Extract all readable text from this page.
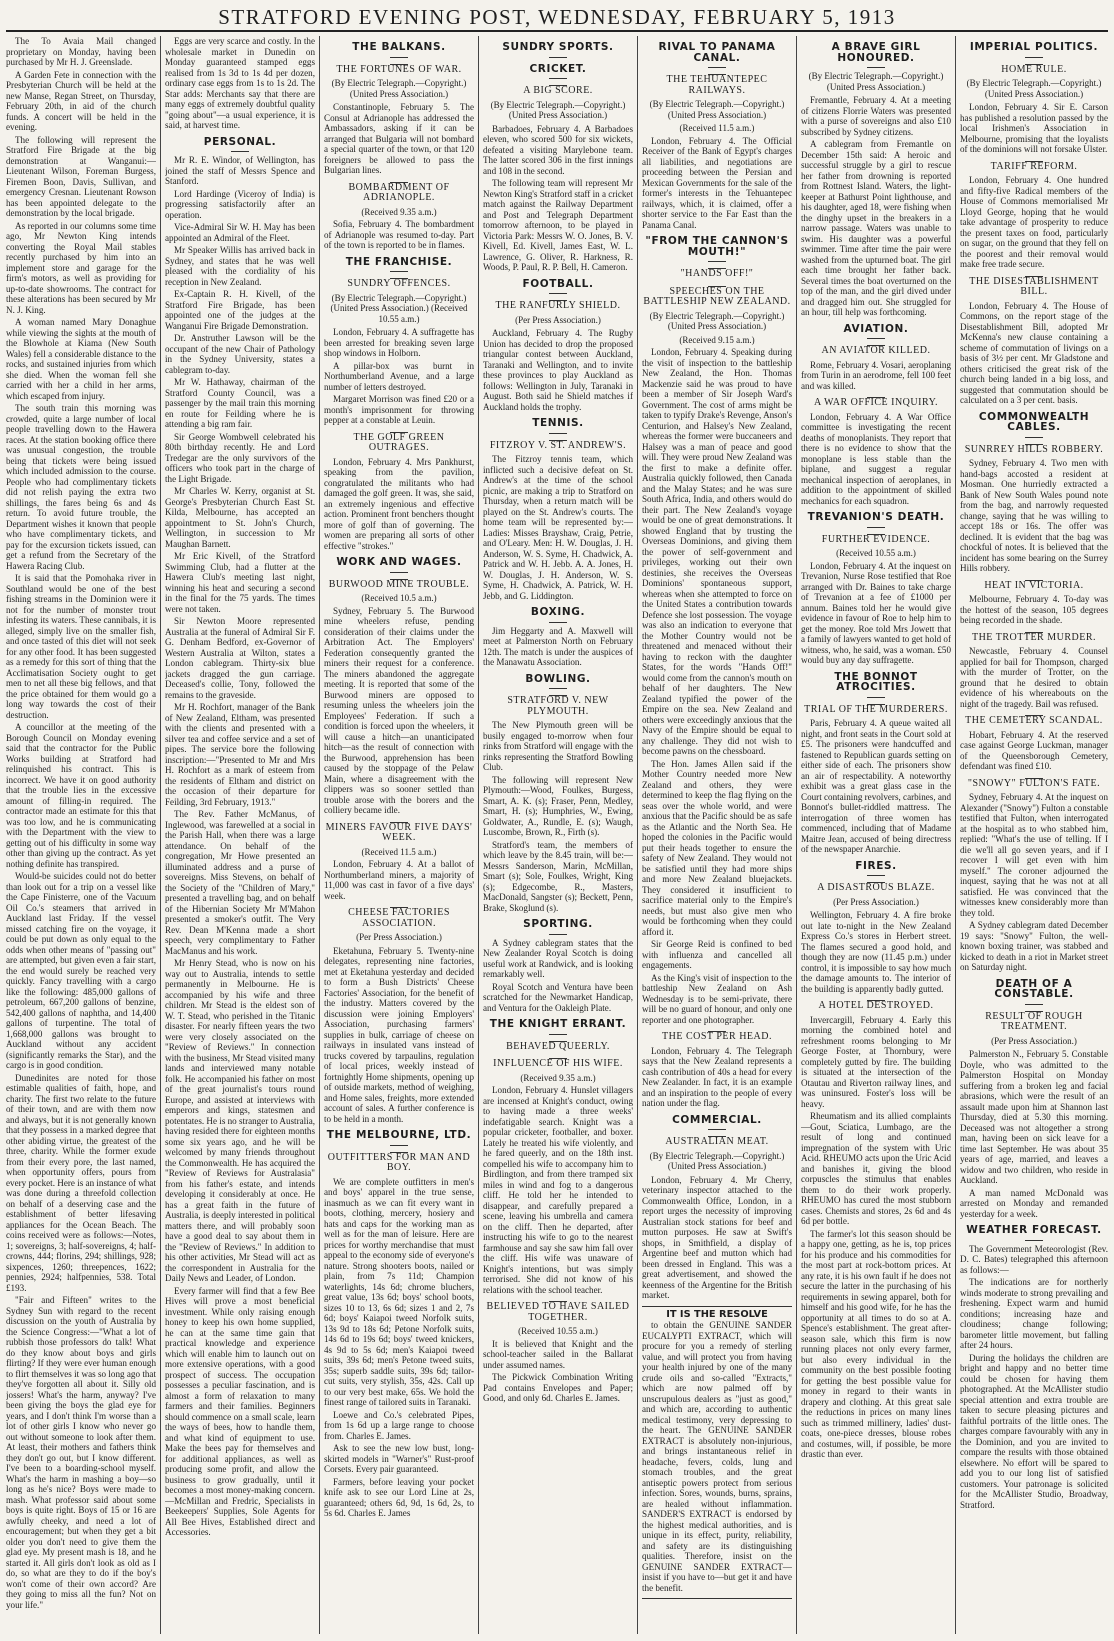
STRATFORD EVENING POST, WEDNESDAY, FEBRUARY 5, 1913

The To Avaia Mail changed proprietary on Monday, having been purchased by Mr H. J. Greenslade.

A Garden Fete in connection with the Presbyterian Church will be held at the new Manse, Regan Street, on Thursday, February 20th, in aid of the church funds. A concert will be held in the evening.

The following will represent the Stratford Fire Brigade at the big demonstration at Wanganui:—Lieutenant Wilson, Foreman Burgess, Firemen Boon, Davis, Sullivan, and emergency Cresnan. Lieutenant Rowson has been appointed delegate to the demonstration by the local brigade.

As reported in our columns some time ago, Mr Newton King intends converting the Royal Mail stables recently purchased by him into an implement store and garage for the firm's motors, as well as providing for up-to-date showrooms. The contract for these alterations has been secured by Mr N. J. King.

A woman named Mary Donaghue while viewing the sights at the mouth of the Blowhole at Kiama (New South Wales) fell a considerable distance to the rocks, and sustained injuries from which she died. When the woman fell she carried with her a child in her arms, which escaped from injury.

The south train this morning was crowded, quite a large number of local people travelling down to the Hawera races. At the station booking office there was unusual congestion, the trouble being that tickets were being issued which included admission to the course. People who had complimentary tickets did not relish paying the extra two shillings, the fares being 6s and 4s return. To avoid future trouble, the Department wishes it known that people who have complimentary tickets, and pay for the excursion tickets issued, can get a refund from the Secretary of the Hawera Racing Club.

It is said that the Pomohaka river in Southland would be one of the best fishing streams in the Dominion were it not for the number of monster trout infesting its waters. These cannibals, it is alleged, simply live on the smaller fish, and once tasted of this diet will not seek for any other food. It has been suggested as a remedy for this sort of thing that the Acclimatisation Society ought to get men to net all these big fellows, and that the price obtained for them would go a long way towards the cost of their destruction.

A councillor at the meeting of the Borough Council on Monday evening said that the contractor for the Public Works building at Stratford had relinquished his contract. This is incorrect. We have it on good authority that the trouble lies in the excessive amount of filling-in required. The contractor made an estimate for this that was too low, and he is communicating with the Department with the view to getting out of his difficulty in some way other than giving up the contract. As yet nothing definite has transpired.

Would-be suicides could not do better than look out for a trip on a vessel like the Cape Finisterre, one of the Vacuum Oil Co.'s steamers that arrived in Auckland last Friday. If the vessel missed catching fire on the voyage, it could be put down as only equal to the odds when other means of "passing out" are attempted, but given even a fair start, the end would surely be reached very quickly. Fancy travelling with a cargo like the following: 485,000 gallons of petroleum, 667,200 gallons of benzine, 542,400 gallons of naphtha, and 14,400 gallons of turpentine. The total of 1,668,000 gallons was brought to Auckland without any accident (significantly remarks the Star), and the cargo is in good condition.

Dunedinites are noted for those estimable qualities of faith, hope, and charity. The first two relate to the future of their town, and are with them now and always, but it is not generally known that they possess in a marked degree that other abiding virtue, the greatest of the three, charity. While the former exude from their every pore, the last named, when opportunity offers, pours from every pocket. Here is an instance of what was done during a threefold collection on behalf of a deserving case and the establishment of better lifesaving appliances for the Ocean Beach. The coins received were as follows:—Notes, 1; sovereigns, 3; half-sovereigns, 4; half-crowns, 444; florins, 294; shillings, 928; sixpences, 1260; threepences, 1622; pennies, 2924; halfpennies, 538. Total £193.

"Fair and Fifteen" writes to the Sydney Sun with regard to the recent discussion on the youth of Australia by the Science Congress:—"What a lot of rubbish those professors do talk! What do they know about boys and girls flirting? If they were ever human enough to flirt themselves it was so long ago that they've forgotten all about it. Silly old jossers! What's the harm, anyway? I've been giving the boys the glad eye for years, and I don't think I'm worse than a lot of other girls I know who never go out without someone to look after them. At least, their mothers and fathers think they don't go out, but I know different. I've been to a boarding-school myself. What's the harm in mashing a boy—so long as he's nice? Boys were made to mash. What professor said about some boys is quite right. Boys of 15 or 16 are awfully cheeky, and need a lot of encouragement; but when they get a bit older you don't need to give them the glad eye. My present mash is 18, and he started it. All girls don't look as old as I do, so what are they to do if the boy's won't come of their own accord? Are they going to miss all the fun? Not on your life."

Eggs are very scarce and costly. In the wholesale market in Dunedin on Monday guaranteed stamped eggs realised from 1s 3d to 1s 4d per dozen, ordinary case eggs from 1s to 1s 2d. The Star adds: Merchants say that there are many eggs of extremely doubtful quality "going about"—a usual experience, it is said, at harvest time.

PERSONAL.

Mr R. E. Windor, of Wellington, has joined the staff of Messrs Spence and Stanford.

Lord Hardinge (Viceroy of India) is progressing satisfactorily after an operation.

Vice-Admiral Sir W. H. May has been appointed an Admiral of the Fleet.

Mr Speaker Willis has arrived back in Sydney, and states that he was well pleased with the cordiality of his reception in New Zealand.

Ex-Captain R. H. Kivell, of the Stratford Fire Brigade, has been appointed one of the judges at the Wanganui Fire Brigade Demonstration.

Dr. Anstruther Lawson will be the occupant of the new Chair of Pathology in the Sydney University, states a cablegram to-day.

Mr W. Hathaway, chairman of the Stratford County Council, was a passenger by the mail train this morning en route for Feilding where he is attending a big ram fair.

Sir George Wombwell celebrated his 80th birthday recently. He and Lord Tredegar are the only survivors of the officers who took part in the charge of the Light Brigade.

Mr Charles W. Kerry, organist at St. George's Presbyterian Church East St. Kilda, Melbourne, has accepted an appointment to St. John's Church, Wellington, in succession to Mr Maughan Barnett.

Mr Eric Kivell, of the Stratford Swimming Club, had a flutter at the Hawera Club's meeting last night, winning his heat and securing a second in the final for the 75 yards. The times were not taken.

Sir Newton Moore represented Australia at the funeral of Admiral Sir F. G. Denham Bedford, ex-Governor of Western Australia at Wilton, states a London cablegram. Thirty-six blue jackets dragged the gun carriage. Deceased's collie, Tony, followed the remains to the graveside.

Mr H. Rochfort, manager of the Bank of New Zealand, Eltham, was presented with the clients and presented with a silver tea and coffee service and a set of pipes. The service bore the following inscription:—"Presented to Mr and Mrs H. Rochfort as a mark of esteem from the residents of Eltham and district on the occasion of their departure for Feilding, 3rd February, 1913."

The Rev. Father McManus, of Inglewood, was farewelled at a social in the Parish Hall, when there was a large attendance. On behalf of the congregation, Mr Howe presented an illuminated address and a purse of sovereigns. Miss Stevens, on behalf of the Society of the "Children of Mary," presented a travelling bag, and on behalf of the Hibernian Society Mr M'Mahon presented a smoker's outfit. The Very Rev. Dean M'Kenna made a short speech, very complimentary to Father MacManus and his work.

Mr Henry Stead, who is now on his way out to Australia, intends to settle permanently in Melbourne. He is accompanied by his wife and three children. Mr Stead is the eldest son of W. T. Stead, who perished in the Titanic disaster. For nearly fifteen years the two were very closely associated on the "Review of Reviews." In connection with the business, Mr Stead visited many lands and interviewed many notable folk. He accompanied his father on most of the great journalist's tours round Europe, and assisted at interviews with emperors and kings, statesmen and potentates. He is no stranger to Australia, having resided there for eighteen months some six years ago, and he will be welcomed by many friends throughout the Commonwealth. He has acquired the "Review of Reviews for Australasia" from his father's estate, and intends developing it considerably at once. He has a great faith in the future of Australia, is deeply interested in political matters there, and will probably soon have a good deal to say about them in the "Review of Reviews." In addition to his other activities, Mr Stead will act as the correspondent in Australia for the Daily News and Leader, of London.

Every farmer will find that a few Bee Hives will prove a most beneficial investment. While only raising enough honey to keep his own home supplied, he can at the same time gain that practical knowledge and experience which will enable him to launch out on more extensive operations, with a good prospect of success. The occupation possesses a peculiar fascination, and is almost a form of relaxation to many farmers and their families. Beginners should commence on a small scale, learn the ways of bees, how to handle them, and what kind of equipment to use. Make the bees pay for themselves and for additional appliances, as well as producing some profit, and allow the business to grow gradually, until it becomes a most money-making concern.—McMillan and Fredric, Specialists in Beekeepers' Supplies, Sole Agents for All Bee Hives, Established direct and Accessories.

THE BALKANS.
THE FORTUNES OF WAR.
(By Electric Telegraph.—Copyright.) (United Press Association.)

Constantinople, February 5. The Consul at Adrianople has addressed the Ambassadors, asking if it can be arranged that Bulgaria will not bombard a special quarter of the town, or that 120 foreigners be allowed to pass the Bulgarian lines.

BOMBARDMENT OF ADRIANOPLE.
(Received 9.35 a.m.)

Sofia, February 4. The bombardment of Adrianople was resumed to-day. Part of the town is reported to be in flames.

THE FRANCHISE.
SUNDRY OFFENCES.
(By Electric Telegraph.—Copyright.) (United Press Association.) (Received 10.55 a.m.)

London, February 4. A suffragette has been arrested for breaking seven large shop windows in Holborn.

A pillar-box was burnt in Northumberland Avenue, and a large number of letters destroyed.

Margaret Morrison was fined £20 or a month's imprisonment for throwing pepper at a constable at Leuin.

THE GOLF GREEN OUTRAGES.

London, February 4. Mrs Pankhurst, speaking from the pavilion, congratulated the militants who had damaged the golf green. It was, she said, an extremely ingenious and effective action. Prominent front benchers thought more of golf than of governing. The women are preparing all sorts of other effective "strokes."

WORK AND WAGES.
BURWOOD MINE TROUBLE.
(Received 10.5 a.m.)

Sydney, February 5. The Burwood mine wheelers refuse, pending consideration of their claims under the Arbitration Act. The Employers' Federation consequently granted the miners their request for a conference. The miners abandoned the aggregate meeting. It is reported that some of the Burwood miners are opposed to resuming unless the wheelers join the Employees' Federation. If such a condition is forced upon the wheelers, it will cause a hitch—an unanticipated hitch—as the result of connection with the Burwood, apprehension has been caused by the stoppage of the Pelaw Main, where a disagreement with the clippers was so sooner settled than trouble arose with the borers and the colliery became idle.

MINERS FAVOUR FIVE DAYS' WEEK.
(Received 11.5 a.m.)

London, February 4. At a ballot of Northumberland miners, a majority of 11,000 was cast in favor of a five days' week.

CHEESE FACTORIES ASSOCIATION.
(Per Press Association.)

Eketahuna, February 5. Twenty-nine delegates, representing nine factories, met at Eketahuna yesterday and decided to form a Bush Districts' Cheese Factories' Association, for the benefit of the industry. Matters covered by the discussion were joining Employers' Association, purchasing farmers' supplies in bulk, carriage of cheese on railways in insulated vans instead of trucks covered by tarpaulins, regulation of local prices, weekly instead of fortnightly Home shipments, opening up of outside markets, method of weighing, and Home sales, freights, more extended account of sales. A further conference is to be held in a month.

THE MELBOURNE, LTD.
OUTFITTERS FOR MAN AND BOY.

We are complete outfitters in men's and boys' apparel in the true sense, inasmuch as we can fit every want in boots, clothing, mercery, hosiery and hats and caps for the working man as well as for the man of leisure. Here are prices for worthy merchandise that must appeal to the economy side of everyone's nature. Strong shooters boots, nailed or plain, from 7s 11d; Champion waterlights, 14s 6d; chrome bluchers, great value, 13s 6d; boys' school boots, sizes 10 to 13, 6s 6d; sizes 1 and 2, 7s 6d; boys' Kaiapoi tweed Norfolk suits, 13s 9d to 18s 6d; Petone Norfolk suits, 14s 6d to 19s 6d; boys' tweed knickers, 4s 9d to 5s 6d; men's Kaiapoi tweed suits, 39s 6d; men's Petone tweed suits, 35s; superb saddle suits, 39s 6d; tailor-cut suits, very stylish, 35s, 42s. Call up to our very best make, 65s. We hold the finest range of tailored suits in Taranaki.

Loewe and Co.'s celebrated Pipes, from 1s 6d up a large range to choose from. Charles E. James.

Ask to see the new low bust, long-skirted models in "Warner's" Rust-proof Corsets. Every pair guaranteed.

Farmers, before leaving your pocket knife ask to see our Lord Line at 2s, guaranteed; others 6d, 9d, 1s 6d, 2s, to 5s 6d. Charles E. James

SUNDRY SPORTS.
CRICKET.
A BIG SCORE.
(By Electric Telegraph.—Copyright.) (United Press Association.)

Barbadoes, February 4. A Barbadoes eleven, who scored 500 for six wickets, defeated a visiting Marylebone team. The latter scored 306 in the first innings and 108 in the second.

The following team will represent Mr Newton King's Stratford staff in a cricket match against the Railway Department and Post and Telegraph Department tomorrow afternoon, to be played in Victoria Park: Messrs W. O. Jones, B. V. Kivell, Ed. Kivell, James East, W. L. Lawrence, G. Oliver, R. Harkness, R. Woods, P. Paul, R. P. Bell, H. Cameron.

FOOTBALL.
THE RANFURLY SHIELD.
(Per Press Association.)

Auckland, February 4. The Rugby Union has decided to drop the proposed triangular contest between Auckland, Taranaki and Wellington, and to invite these provinces to play Auckland as follows: Wellington in July, Taranaki in August. Both said he Shield matches if Auckland holds the trophy.

TENNIS.
FITZROY V. ST. ANDREW'S.

The Fitzroy tennis team, which inflicted such a decisive defeat on St. Andrew's at the time of the school picnic, are making a trip to Stratford on Thursday, when a return match will be played on the St. Andrew's courts. The home team will be represented by:—Ladies: Misses Brayshaw, Craig, Petrie, and O'Leary. Men: H. W. Douglas, J. H. Anderson, W. S. Syme, H. Chadwick, A. Patrick and W. H. Jebb. A. A. Jones, H. W. Douglas, J. H. Anderson, W. S. Syme, H. Chadwick, A. Patrick, W. H. Jebb, and G. Liddington.

BOXING.

Jim Heggarty and A. Maxwell will meet at Palmerston North on February 12th. The match is under the auspices of the Manawatu Association.

BOWLING.
STRATFORD V. NEW PLYMOUTH.

The New Plymouth green will be busily engaged to-morrow when four rinks from Stratford will engage with the rinks representing the Stratford Bowling Club.

The following will represent New Plymouth:—Wood, Foulkes, Burgess, Smart, A. K. (s); Fraser, Penn, Medley, Smart, H. (s); Humphries, W., Ewing, Goldwater, A., Rundle, E. (s); Waugh, Luscombe, Brown, R., Firth (s).

Stratford's team, the members of which leave by the 8.45 train, will be:—Messrs Sanderson, Marin, McMillan, Smart (s); Sole, Foulkes, Wright, King (s); Edgecombe, R., Masters, MacDonald, Sangster (s); Beckett, Penn, Brake, Skoglund (s).

SPORTING.

A Sydney cablegram states that the New Zealander Royal Scotch is doing useful work at Randwick, and is looking remarkably well.

Royal Scotch and Ventura have been scratched for the Newmarket Handicap, and Ventura for the Oakleigh Plate.

THE KNIGHT ERRANT.
BEHAVED QUEERLY.
INFLUENCE OF HIS WIFE.
(Received 9.35 a.m.)

London, February 4. Hunslet villagers are incensed at Knight's conduct, owing to having made a three weeks' indefatigable search. Knight was a popular cricketer, footballer, and boxer. Lately he treated his wife violently, and he fared queerly, and on the 18th inst. compelled his wife to accompany him to Birdlington, and from there tramped six miles in wind and fog to a dangerous cliff. He told her he intended to disappear, and carefully prepared a scene, leaving his umbrella and camera on the cliff. Then he departed, after instructing his wife to go to the nearest farmhouse and say she saw him fall over the cliff. His wife was unaware of Knight's intentions, but was simply terrorised. She did not know of his relations with the school teacher.

BELIEVED TO HAVE SAILED TOGETHER.
(Received 10.55 a.m.)

It is believed that Knight and the school-teacher sailed in the Ballarat under assumed names.

The Pickwick Combination Writing Pad contains Envelopes and Paper; Good, and only 6d. Charles E. James.

RIVAL TO PANAMA CANAL.
THE TEHUANTEPEC RAILWAYS.
(By Electric Telegraph.—Copyright.) (United Press Association.)
(Received 11.5 a.m.)

London, February 4. The Official Receiver of the Bank of Egypt's charges all liabilities, and negotiations are proceeding between the Persian and Mexican Governments for the sale of the former's interests in the Tehuantepec railways, which, it is claimed, offer a shorter service to the Far East than the Panama Canal.

"FROM THE CANNON'S MOUTH!"
"HANDS OFF!"
SPEECHES ON THE BATTLESHIP NEW ZEALAND.
(By Electric Telegraph.—Copyright.) (United Press Association.)
(Received 9.15 a.m.)

London, February 4. Speaking during the visit of inspection to the battleship New Zealand, the Hon. Thomas Mackenzie said he was proud to have been a member of Sir Joseph Ward's Government. The cost of arms might be taken to typify Drake's Revenge, Anson's Centurion, and Halsey's New Zealand, whereas the former were buccaneers and Halsey was a man of peace and good will. They were proud New Zealand was the first to make a definite offer. Australia quickly followed, then Canada and the Malay States; and he was sure South Africa, India, and others would do their part. The New Zealand's voyage would be one of great demonstrations. It showed England that by trusting the Overseas Dominions, and giving them the power of self-government and privileges, working out their own destinies, she receives the Overseas Dominions' spontaneous support, whereas when she attempted to force on the United States a contribution towards Defence she lost possession. The voyage was also an indication to everyone that the Mother Country would not be threatened and menaced without their having to reckon with the daughter States, for the words "Hands Off!" would come from the cannon's mouth on behalf of her daughters. The New Zealand typified the power of the Empire on the sea. New Zealand and others were exceedingly anxious that the Navy of the Empire should be equal to any challenge. They did not wish to become pawns on the chessboard.

The Hon. James Allen said if the Mother Country needed more New Zealand and others, they were determined to keep the flag flying on the seas over the whole world, and were anxious that the Pacific should be as safe as the Atlantic and the North Sea. He hoped the colonies in the Pacific would put their heads together to ensure the safety of New Zealand. They would not be satisfied until they had more ships and more New Zealand bluejackets. They considered it insufficient to sacrifice material only to the Empire's needs, but must also give men who would be forthcoming when they could afford it.

Sir George Reid is confined to bed with influenza and cancelled all engagements.

As the King's visit of inspection to the battleship New Zealand on Ash Wednesday is to be semi-private, there will be no guard of honour, and only one reporter and one photographer.

THE COST PER HEAD.

London, February 4. The Telegraph says that the New Zealand represents a cash contribution of 40s a head for every New Zealander. In fact, it is an example and an inspiration to the people of every nation under the flag.

COMMERCIAL.
AUSTRALIAN MEAT.
(By Electric Telegraph.—Copyright.) (United Press Association.)

London, February 4. Mr Cherry, veterinary inspector attached to the Commonwealth Office, London, in a report urges the necessity of improving Australian stock stations for beef and mutton purposes. He saw at Swift's shops, in Smithfield, a display of Argentine beef and mutton which had been dressed in England. This was a great advertisement, and showed the keenness of the Argentine for the British market.

IT IS THE RESOLVE

to obtain the GENUINE SANDER EUCALYPTI EXTRACT, which will procure for you a remedy of sterling value, and will protect you from having your health injured by one of the many crude oils and so-called "Extracts," which are now palmed off by unscrupulous dealers as "just as good," and which are, according to authentic medical testimony, very depressing to the heart. The GENUINE SANDER EXTRACT is absolutely non-injurious, and brings instantaneous relief in headache, fevers, colds, lung and stomach troubles, and the great antiseptic powers protect from serious infection. Sores, wounds, burns, sprains, are healed without inflammation. SANDER'S EXTRACT is endorsed by the highest medical authorities, and is unique in its effect, purity, reliability, and safety are its distinguishing qualities. Therefore, insist on the GENUINE SANDER EXTRACT—insist if you have to—but get it and have the benefit.

A BRAVE GIRL HONOURED.
(By Electric Telegraph.—Copyright.) (United Press Association.)

Fremantle, February 4. At a meeting of citizens Florrie Waters was presented with a purse of sovereigns and also £10 subscribed by Sydney citizens.

A cablegram from Fremantle on December 15th said: A heroic and successful struggle by a girl to rescue her father from drowning is reported from Rottnest Island. Waters, the light-keeper at Bathurst Point lighthouse, and his daughter, aged 18, were fishing when the dinghy upset in the breakers in a narrow passage. Waters was unable to swim. His daughter was a powerful swimmer. Time after time the pair were washed from the upturned boat. The girl each time brought her father back. Several times the boat overturned on the top of the man, and the girl dived under and dragged him out. She struggled for an hour, till help was forthcoming.

AVIATION.
AN AVIATOR KILLED.

Rome, February 4. Vosari, aeroplaning from Turin in an aerodrome, fell 100 feet and was killed.

A WAR OFFICE INQUIRY.

London, February 4. A War Office committee is investigating the recent deaths of monoplanists. They report that there is no evidence to show that the monoplane is less stable than the biplane, and suggest a regular mechanical inspection of aeroplanes, in addition to the appointment of skilled mechanics for each squadron.

TREVANION'S DEATH.
FURTHER EVIDENCE.
(Received 10.55 a.m.)

London, February 4. At the inquest on Trevanion, Nurse Rose testified that Roe arranged with Dr. Baines to take charge of Trevanion at a fee of £1000 per annum. Baines told her he would give evidence in favour of Roe to help him to get the money. Roe told Mrs Jowett that a family of lawyers wanted to get hold of witness, who, he said, was a woman. £50 would buy any day suffragette.

THE BONNOT ATROCITIES.
TRIAL OF THE MURDERERS.

Paris, February 4. A queue waited all night, and front seats in the Court sold at £5. The prisoners were handcuffed and fastened to Republican guards setting on either side of each. The prisoners show an air of respectability. A noteworthy exhibit was a great glass case in the Court containing revolvers, carbines, and Bonnot's bullet-riddled mattress. The interrogation of three women has commenced, including that of Madame Maitre Jean, accused of being directress of the newspaper Anarchie.

FIRES.
A DISASTROUS BLAZE.
(Per Press Association.)

Wellington, February 4. A fire broke out late to-night in the New Zealand Express Co.'s stores in Herbert street. The flames secured a good hold, and though they are now (11.45 p.m.) under control, it is impossible to say how much the damage amounts to. The interior of the building is apparently badly gutted.

A HOTEL DESTROYED.

Invercargill, February 4. Early this morning the combined hotel and refreshment rooms belonging to Mr George Foster, at Thornbury, were completely gutted by fire. The building is situated at the intersection of the Otautau and Riverton railway lines, and was uninsured. Foster's loss will be heavy.

Rheumatism and its allied complaints—Gout, Sciatica, Lumbago, are the result of long and continued impregnation of the system with Uric Acid. RHEUMO acts upon the Uric Acid and banishes it, giving the blood corpuscles the stimulus that enables them to do their work properly. RHEUMO has cured the most stubborn cases. Chemists and stores, 2s 6d and 4s 6d per bottle.

The farmer's lot this season should be a happy one, getting, as he is, top prices for his produce and his commodities for the most part at rock-bottom prices. At any rate, it is his own fault if he does not secure the latter in the purchasing of his requirements in sewing apparel, both for himself and his good wife, for he has the opportunity at all times to do so at A. Spence's establishment. The great after-season sale, which this firm is now running places not only every farmer, but also every individual in the community on the best possible footing for getting the best possible value for money in regard to their wants in drapery and clothing. At this great sale the reductions in prices on many lines such as trimmed millinery, ladies' dust-coats, one-piece dresses, blouse robes and costumes, will, if possible, be more drastic than ever.

IMPERIAL POLITICS.
HOME RULE.
(By Electric Telegraph.—Copyright.) (United Press Association.)

London, February 4. Sir E. Carson has published a resolution passed by the local Irishmen's Association in Melbourne, promising that the loyalists of the dominions will not forsake Ulster.

TARIFF REFORM.

London, February 4. One hundred and fifty-five Radical members of the House of Commons memorialised Mr Lloyd George, hoping that he would take advantage of prosperity to reduce the present taxes on food, particularly on sugar, on the ground that they fell on the poorest and their removal would make free trade secure.

THE DISESTABLISHMENT BILL.

London, February 4. The House of Commons, on the report stage of the Disestablishment Bill, adopted Mr McKenna's new clause containing a scheme of commutation of livings on a basis of 3½ per cent. Mr Gladstone and others criticised the great risk of the church being landed in a big loss, and suggested that commutation should be calculated on a 3 per cent. basis.

COMMONWEALTH CABLES.
SUNRREY HILLS ROBBERY.

Sydney, February 4. Two men with hand-bags accosted a resident at Mosman. One hurriedly extracted a Bank of New South Wales pound note from the bag, and narrowly requested change, saying that he was willing to accept 18s or 16s. The offer was declined. It is evident that the bag was chockful of notes. It is believed that the incident has some bearing on the Surrey Hills robbery.

HEAT IN VICTORIA.

Melbourne, February 4. To-day was the hottest of the season, 105 degrees being recorded in the shade.

THE TROTTER MURDER.

Newcastle, February 4. Counsel applied for bail for Thompson, charged with the murder of Trotter, on the ground that he desired to obtain evidence of his whereabouts on the night of the tragedy. Bail was refused.

THE CEMETERY SCANDAL.

Hobart, February 4. At the reserved case against George Luckman, manager of the Queensborough Cemetery, defendant was fined £10.

"SNOWY" FULTON'S FATE.

Sydney, February 4. At the inquest on Alexander ("Snowy") Fulton a constable testified that Fulton, when interrogated at the hospital as to who stabbed him, replied: "What's the use of telling. If I die we'll all go seven years, and if I recover I will get even with him myself." The coroner adjourned the inquest, saying that he was not at all satisfied. He was convinced that the witnesses knew considerably more than they told.

A Sydney cablegram dated December 19 says: "Snowy" Fulton, the well-known boxing trainer, was stabbed and kicked to death in a riot in Market street on Saturday night.

DEATH OF A CONSTABLE.
RESULT OF ROUGH TREATMENT.
(Per Press Association.)

Palmerston N., February 5. Constable Doyle, who was admitted to the Palmerston Hospital on Monday suffering from a broken leg and facial abrasions, which were the result of an assault made upon him at Shannon last Thursday, died at 5.30 this morning. Deceased was not altogether a strong man, having been on sick leave for a time last September. He was about 35 years of age, married, and leaves a widow and two children, who reside in Auckland.

A man named McDonald was arrested on Monday and remanded yesterday for a week.

WEATHER FORECAST.

The Government Meteorologist (Rev. D. C. Bates) telegraphed this afternoon as follows:—

The indications are for northerly winds moderate to strong prevailing and freshening. Expect warm and humid conditions; increasing haze and cloudiness; change following; barometer little movement, but falling after 24 hours.

During the holidays the children are bright and happy and no better time could be chosen for having them photographed. At the McAllister studio special attention and extra trouble are taken to secure pleasing pictures and faithful portraits of the little ones. The charges compare favourably with any in the Dominion, and you are invited to compare the results with those obtained elsewhere. No effort will be spared to add you to our long list of satisfied customers. Your patronage is solicited for the McAllister Studio, Broadway, Stratford.
